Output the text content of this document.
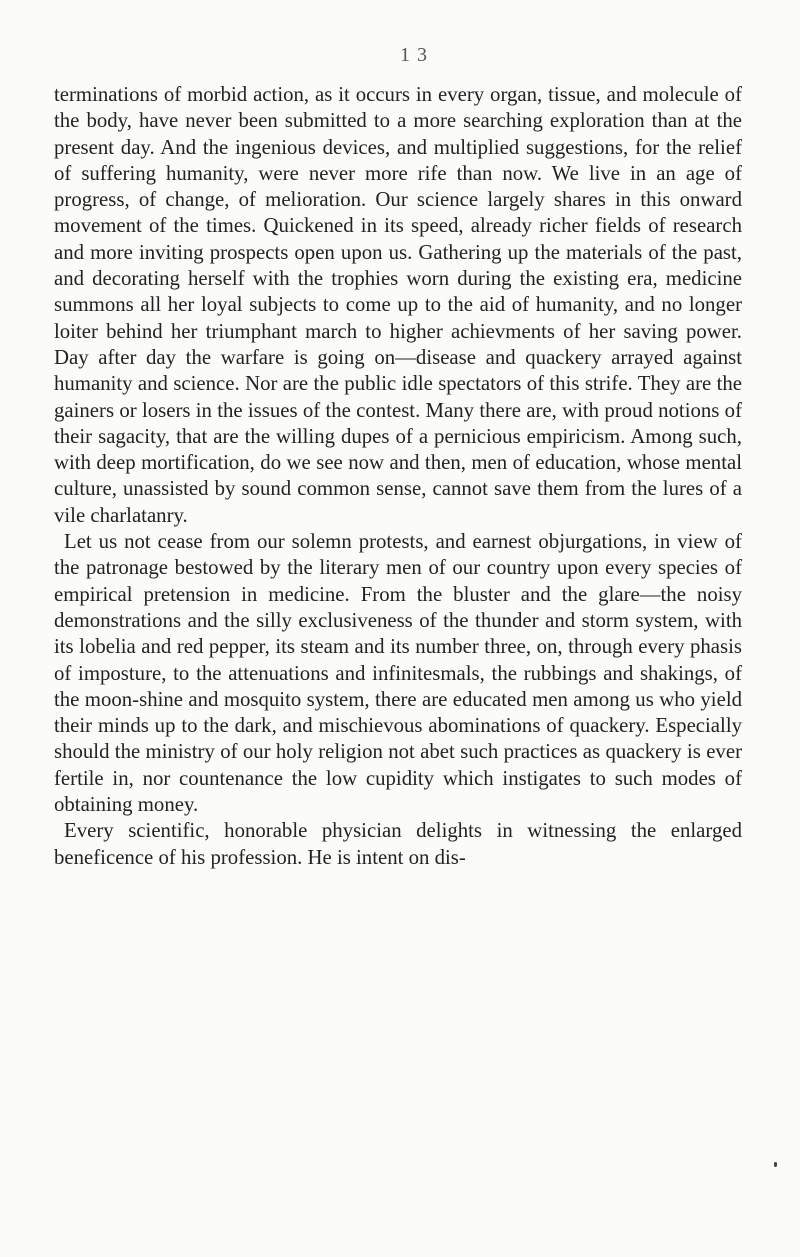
1 3

terminations of morbid action, as it occurs in every organ, tissue, and molecule of the body, have never been submitted to a more searching exploration than at the present day. And the ingenious devices, and multiplied suggestions, for the relief of suffering humanity, were never more rife than now. We live in an age of progress, of change, of melioration. Our science largely shares in this onward movement of the times. Quickened in its speed, already richer fields of research and more inviting prospects open upon us. Gathering up the materials of the past, and decorating herself with the trophies worn during the existing era, medicine summons all her loyal subjects to come up to the aid of humanity, and no longer loiter behind her triumphant march to higher achievments of her saving power. Day after day the warfare is going on—disease and quackery arrayed against humanity and science. Nor are the public idle spectators of this strife. They are the gainers or losers in the issues of the contest. Many there are, with proud notions of their sagacity, that are the willing dupes of a pernicious empiricism. Among such, with deep mortification, do we see now and then, men of education, whose mental culture, unassisted by sound common sense, cannot save them from the lures of a vile charlatanry.

Let us not cease from our solemn protests, and earnest objurgations, in view of the patronage bestowed by the literary men of our country upon every species of empirical pretension in medicine. From the bluster and the glare—the noisy demonstrations and the silly exclusiveness of the thunder and storm system, with its lobelia and red pepper, its steam and its number three, on, through every phasis of imposture, to the attenuations and infinitesmals, the rubbings and shakings, of the moon-shine and mosquito system, there are educated men among us who yield their minds up to the dark, and mischievous abominations of quackery. Especially should the ministry of our holy religion not abet such practices as quackery is ever fertile in, nor countenance the low cupidity which instigates to such modes of obtaining money.

Every scientific, honorable physician delights in witnessing the enlarged beneficence of his profession. He is intent on dis-
